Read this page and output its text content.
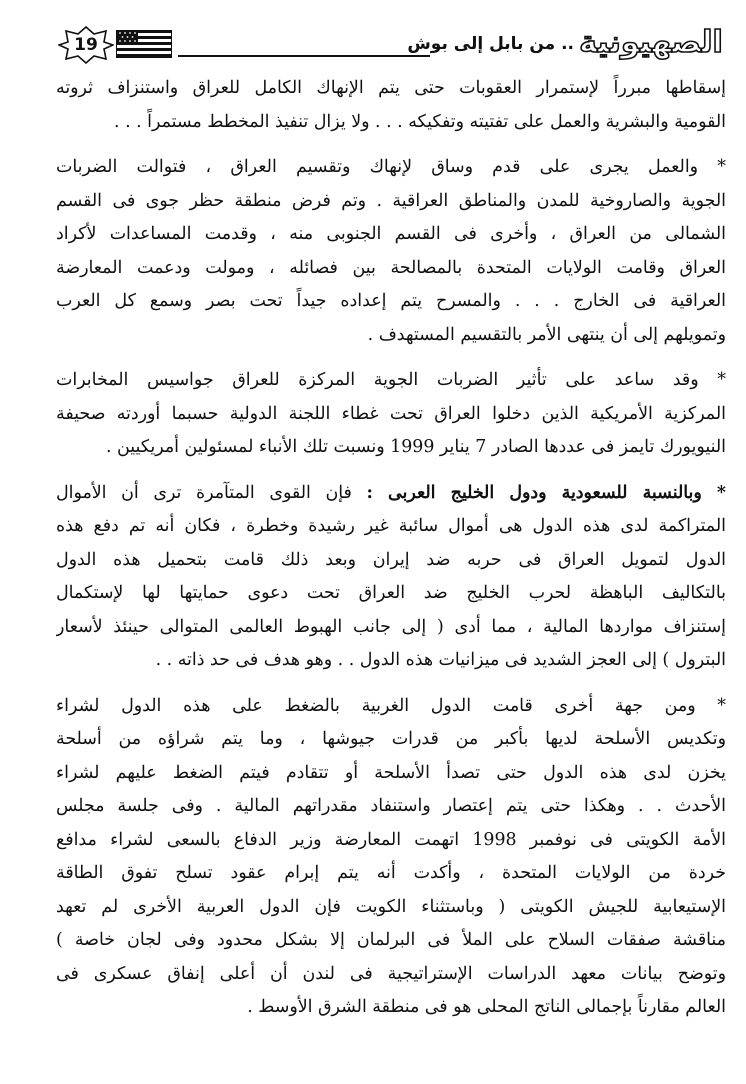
19	.. من بابل إلى بوش الصهيونية

إسقاطها مبرراً لإستمرار العقوبات حتى يتم الإنهاك الكامل للعراق واستنزاف ثروته
القومية والبشرية والعمل على تفتيته وتفكيكه . . . ولا يزال تنفيذ المخطط مستمراً . . .

* والعمل يجرى على قدم وساق لإنهاك وتقسيم العراق ، فتوالت الضربات
الجوية والصاروخية للمدن والمناطق العراقية . وتم فرض منطقة حظر جوى فى القسم
الشمالى من العراق ، وأخرى فى القسم الجنوبى منه ، وقدمت المساعدات لأكراد
العراق وقامت الولايات المتحدة بالمصالحة بين فصائله ، ومولت ودعمت المعارضة
العراقية فى الخارج . . . والمسرح يتم إعداده جيداً تحت بصر وسمع كل العرب
وتمويلهم إلى أن ينتهى الأمر بالتقسيم المستهدف .

* وقد ساعد على تأثير الضربات الجوية المركزة للعراق جواسيس المخابرات
المركزية الأمريكية الذين دخلوا العراق تحت غطاء اللجنة الدولية حسبما أوردته صحيفة
النيويورك تايمز فى عددها الصادر 7 يناير 1999 ونسبت تلك الأنباء لمسئولين أمريكيين .

* وبالنسبة للسعودية ودول الخليج العربى : فإن القوى المتآمرة ترى أن الأموال
المتراكمة لدى هذه الدول هى أموال سائبة غير رشيدة وخطرة ، فكان أنه تم دفع هذه
الدول لتمويل العراق فى حربه ضد إيران وبعد ذلك قامت بتحميل هذه الدول
بالتكاليف الباهظة لحرب الخليج ضد العراق تحت دعوى حمايتها لها لإستكمال
إستنزاف مواردها المالية ، مما أدى ( إلى جانب الهبوط العالمى المتوالى حينئذ لأسعار
البترول ) إلى العجز الشديد فى ميزانيات هذه الدول . . وهو هدف فى حد ذاته . .

* ومن جهة أخرى قامت الدول الغربية بالضغط على هذه الدول لشراء
وتكديس الأسلحة لديها بأكبر من قدرات جيوشها ، وما يتم شراؤه من أسلحة
يخزن لدى هذه الدول حتى تصدأ الأسلحة أو تتقادم فيتم الضغط عليهم لشراء
الأحدث . . وهكذا حتى يتم إعتصار واستنفاد مقدراتهم المالية . وفى جلسة مجلس
الأمة الكويتى فى نوفمبر 1998 اتهمت المعارضة وزير الدفاع بالسعى لشراء مدافع
خردة من الولايات المتحدة ، وأكدت أنه يتم إبرام عقود تسلح تفوق الطاقة
الإستيعابية للجيش الكويتى ( وباستثناء الكويت فإن الدول العربية الأخرى لم تعهد
مناقشة صفقات السلاح على الملأ فى البرلمان إلا بشكل محدود وفى لجان خاصة )
وتوضح بيانات معهد الدراسات الإستراتيجية فى لندن أن أعلى إنفاق عسكرى فى
العالم مقارناً بإجمالى الناتج المحلى هو فى منطقة الشرق الأوسط .
